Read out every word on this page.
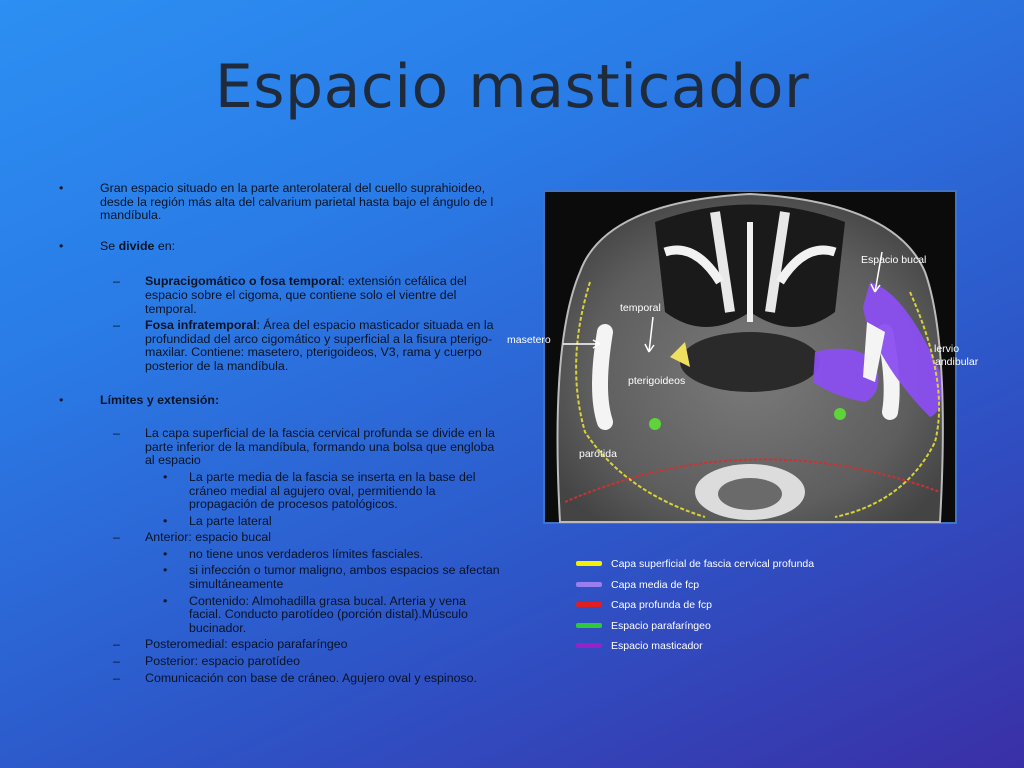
Espacio masticador
•	Gran espacio situado en la parte anterolateral del cuello suprahioideo, desde la región más alta del calvarium parietal hasta bajo el ángulo de l mandíbula.
•	Se divide en:
– Supracigomático o fosa temporal: extensión cefálica del espacio sobre el cigoma, que contiene solo el vientre del temporal.
– Fosa infratemporal: Área del espacio masticador situada en la profundidad del arco cigomático y superficial a la fisura pterigo-maxilar. Contiene: masetero, pterigoideos, V3, rama y cuerpo posterior de la mandíbula.
•	Límites y extensión:
– La capa superficial de la fascia cervical profunda se divide en la parte inferior de la mandíbula, formando una bolsa que engloba al espacio
• La parte media de la fascia se inserta en la base del cráneo medial al agujero oval, permitiendo la propagación de procesos patológicos.
• La parte lateral
– Anterior: espacio bucal
• no tiene unos verdaderos límites fasciales.
• si infección o tumor maligno, ambos espacios se afectan simultáneamente
• Contenido: Almohadilla grasa bucal. Arteria y vena facial. Conducto parotídeo (porción distal).Músculo bucinador.
– Posteromedial: espacio parafaríngeo
– Posterior: espacio parotídeo
– Comunicación con base de cráneo. Agujero oval y espinoso.
Espacio bucal
temporal
lervio
andibular
pterigoideos
parótida
masetero
Capa superficial de fascia cervical profunda
Capa media de fcp
Capa profunda de fcp
Espacio parafaríngeo
Espacio masticador
